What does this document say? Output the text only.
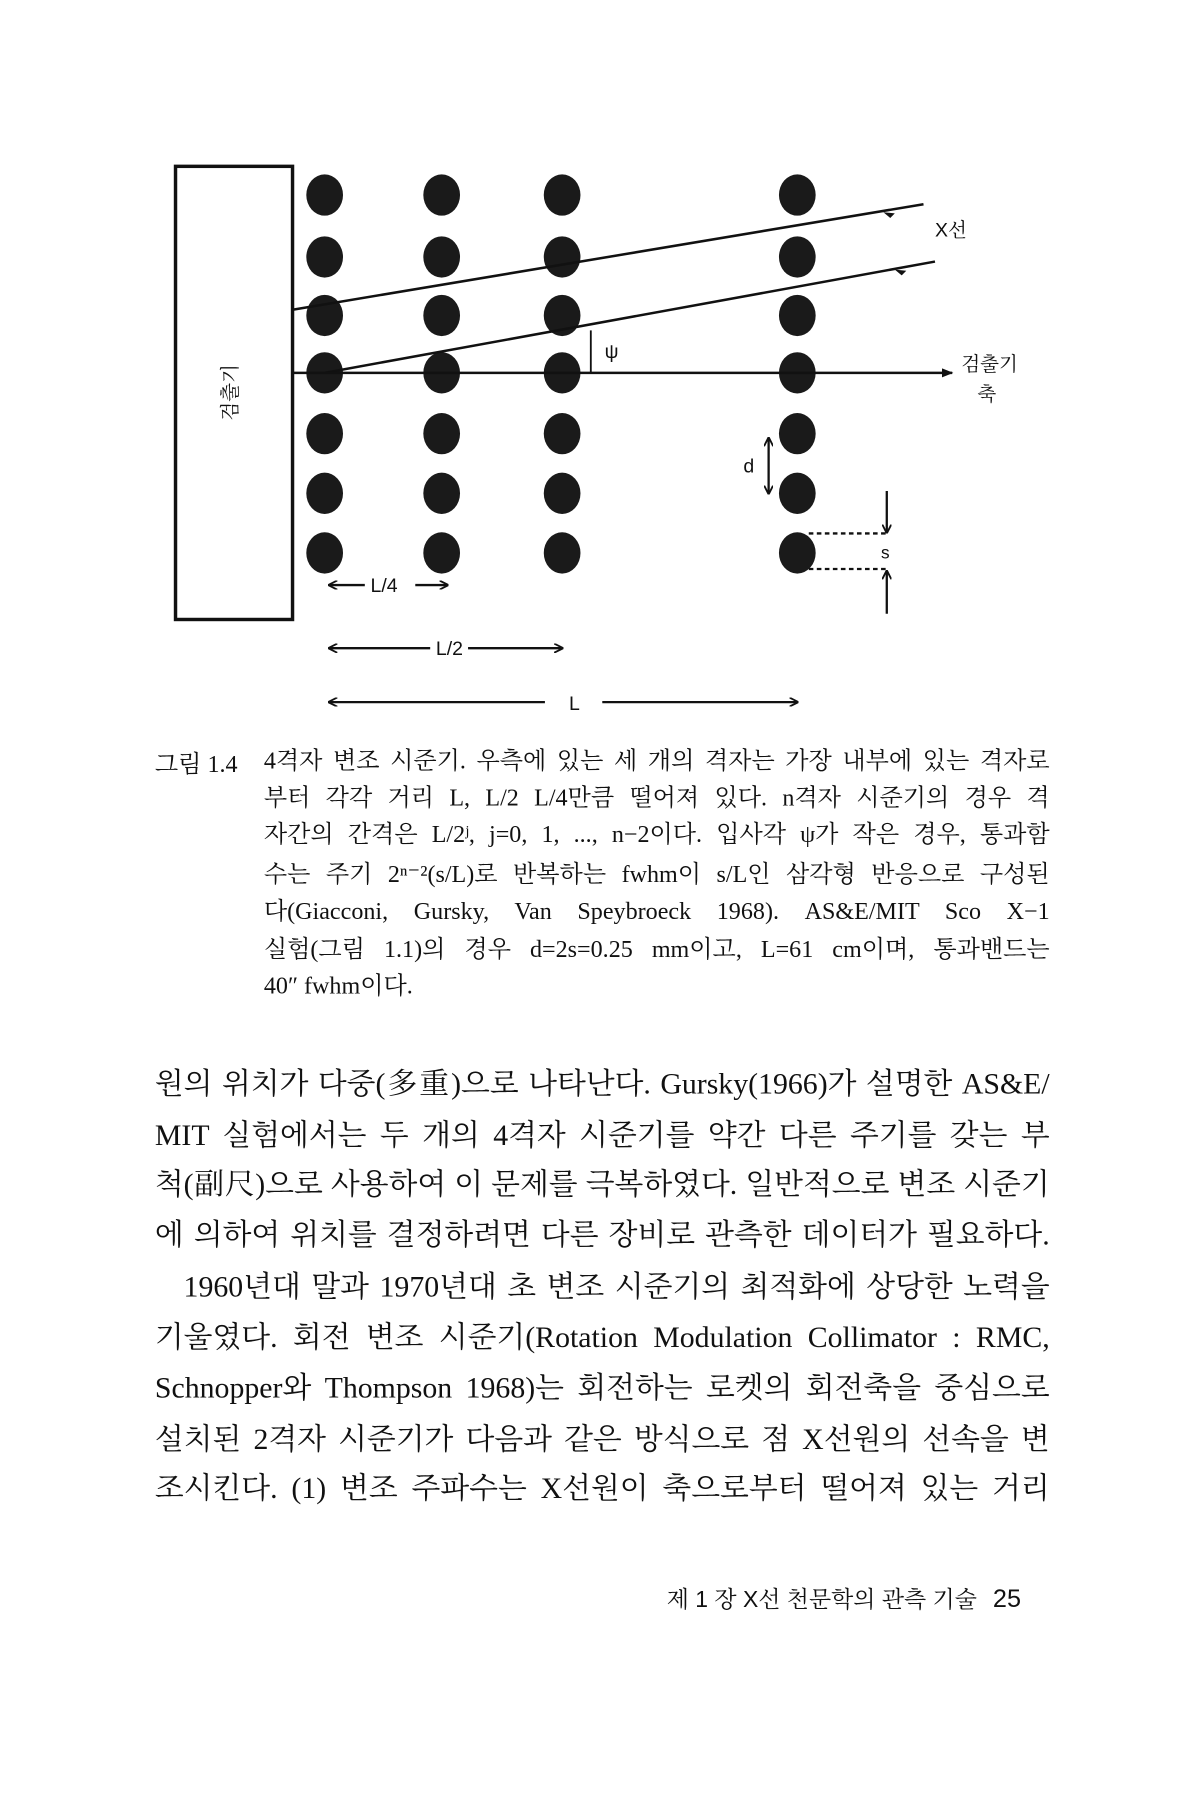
검출기
ψ
X선
검출기
축
d
s
L/4
L/2
L
그림 1.4 4격자 변조 시준기. 우측에 있는 세 개의 격자는 가장 내부에 있는 격자로
부터 각각 거리 L, L/2 L/4만큼 떨어져 있다. n격자 시준기의 경우 격
자간의 간격은 L/2ʲ, j=0, 1, ..., n−2이다. 입사각 ψ가 작은 경우, 통과함
수는 주기 2ⁿ⁻²(s/L)로 반복하는 fwhm이 s/L인 삼각형 반응으로 구성된
다(Giacconi, Gursky, Van Speybroeck 1968). AS&E/MIT Sco X−1
실험(그림 1.1)의 경우 d=2s=0.25 mm이고, L=61 cm이며, 통과밴드는
40″ fwhm이다.
원의 위치가 다중(多重)으로 나타난다. Gursky(1966)가 설명한 AS&E/
MIT 실험에서는 두 개의 4격자 시준기를 약간 다른 주기를 갖는 부
척(副尺)으로 사용하여 이 문제를 극복하였다. 일반적으로 변조 시준기
에 의하여 위치를 결정하려면 다른 장비로 관측한 데이터가 필요하다.
1960년대 말과 1970년대 초 변조 시준기의 최적화에 상당한 노력을
기울였다. 회전 변조 시준기(Rotation Modulation Collimator : RMC,
Schnopper와 Thompson 1968)는 회전하는 로켓의 회전축을 중심으로
설치된 2격자 시준기가 다음과 같은 방식으로 점 X선원의 선속을 변
조시킨다. (1) 변조 주파수는 X선원이 축으로부터 떨어져 있는 거리
제 1 장 X선 천문학의 관측 기술 25
